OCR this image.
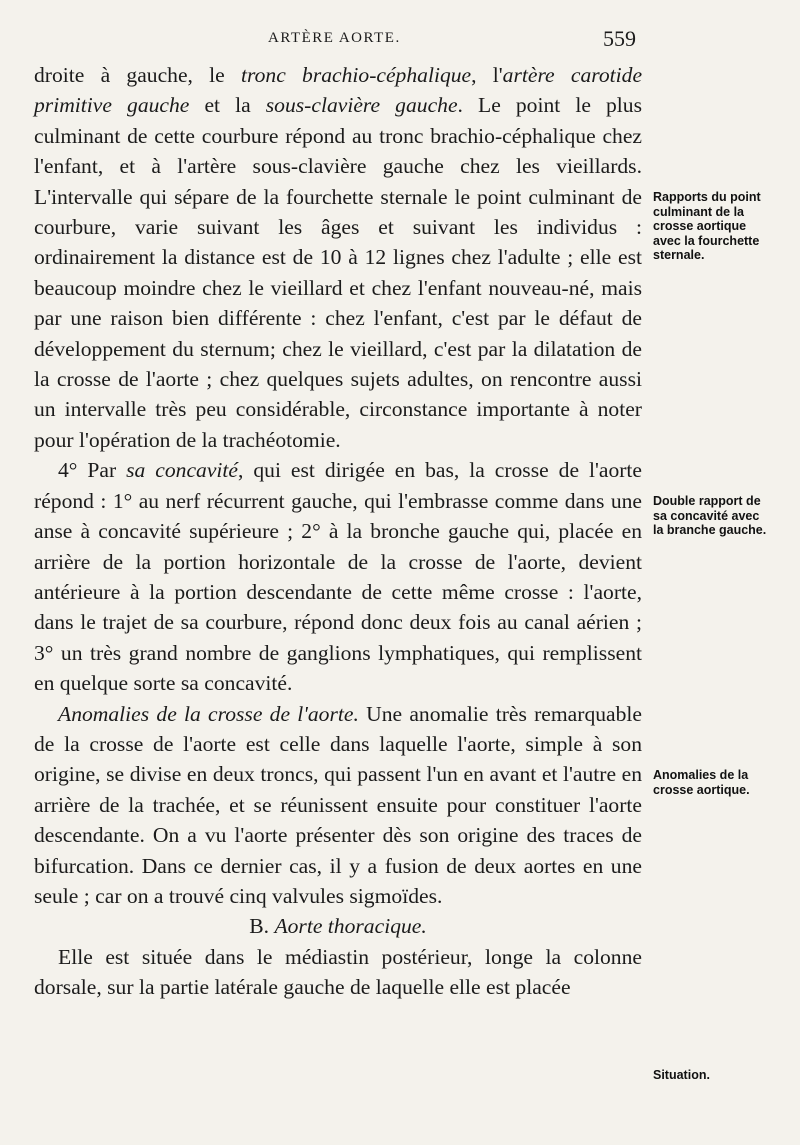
ARTÈRE AORTE.	559

droite à gauche, le tronc brachio-céphalique, l'artère carotide primitive gauche et la sous-clavière gauche. Le point le plus culminant de cette courbure répond au tronc brachio-céphalique chez l'enfant, et à l'artère sous-clavière gauche chez les vieillards. L'intervalle qui sépare de la fourchette sternale le point culminant de courbure, varie suivant les âges et suivant les individus : ordinairement la distance est de 10 à 12 lignes chez l'adulte ; elle est beaucoup moindre chez le vieillard et chez l'enfant nouveau-né, mais par une raison bien différente : chez l'enfant, c'est par le défaut de développement du sternum; chez le vieillard, c'est par la dilatation de la crosse de l'aorte ; chez quelques sujets adultes, on rencontre aussi un intervalle très peu considérable, circonstance importante à noter pour l'opération de la trachéotomie.

4° Par sa concavité, qui est dirigée en bas, la crosse de l'aorte répond : 1° au nerf récurrent gauche, qui l'embrasse comme dans une anse à concavité supérieure ; 2° à la bronche gauche qui, placée en arrière de la portion horizontale de la crosse de l'aorte, devient antérieure à la portion descendante de cette même crosse : l'aorte, dans le trajet de sa courbure, répond donc deux fois au canal aérien ; 3° un très grand nombre de ganglions lymphatiques, qui remplissent en quelque sorte sa concavité.

Anomalies de la crosse de l'aorte. Une anomalie très remarquable de la crosse de l'aorte est celle dans laquelle l'aorte, simple à son origine, se divise en deux troncs, qui passent l'un en avant et l'autre en arrière de la trachée, et se réunissent ensuite pour constituer l'aorte descendante. On a vu l'aorte présenter dès son origine des traces de bifurcation. Dans ce dernier cas, il y a fusion de deux aortes en une seule ; car on a trouvé cinq valvules sigmoïdes.

B. Aorte thoracique.

Elle est située dans le médiastin postérieur, longe la colonne dorsale, sur la partie latérale gauche de laquelle elle est placée

Rapports du point culminant de la crosse aortique avec la fourchette sternale.
Double rapport de sa concavité avec la branche gauche.
Anomalies de la crosse aortique.
Situation.
